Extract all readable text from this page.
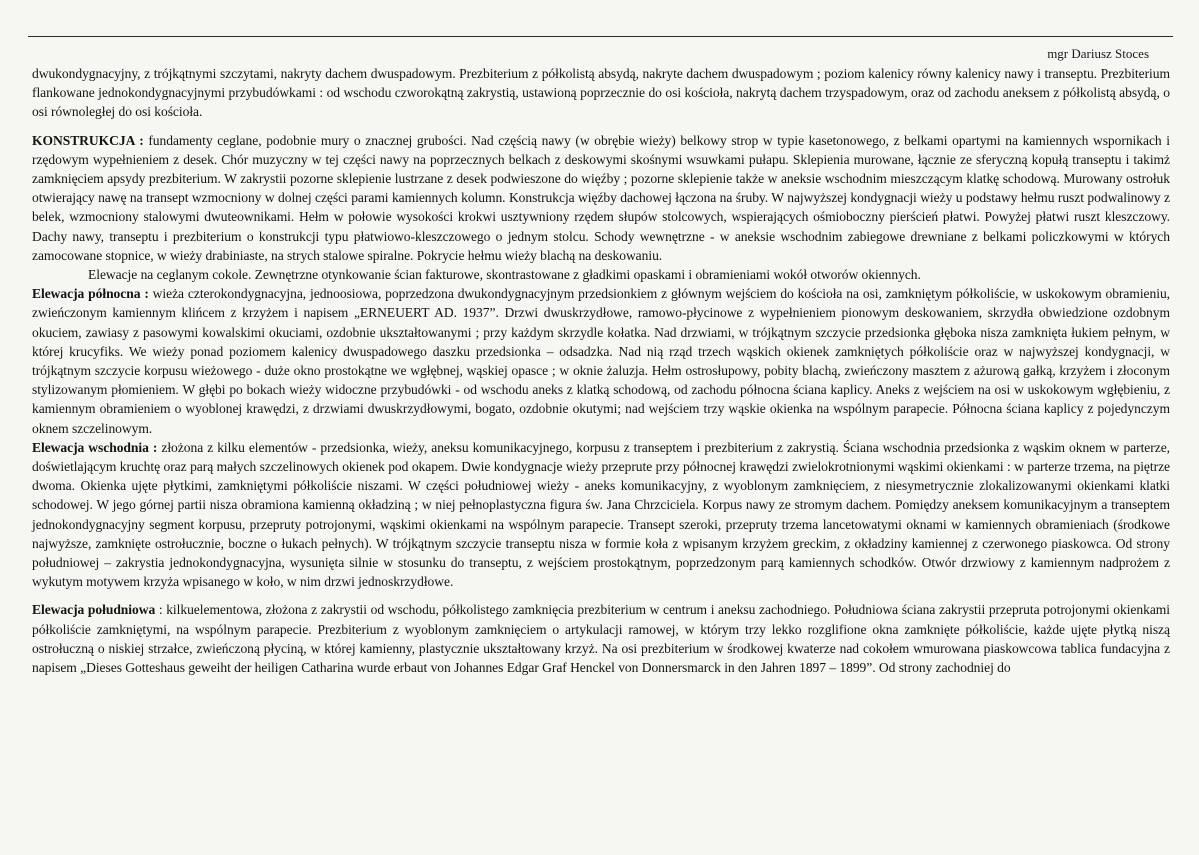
mgr Dariusz Stoces

dwukondygnacyjny, z trójkątnymi szczytami, nakryty dachem dwuspadowym. Prezbiterium z półkolistą absydą, nakryte dachem dwuspadowym ; poziom kalenicy równy kalenicy nawy i transeptu. Prezbiterium flankowane jednokondygnacyjnymi przybudówkami : od wschodu czworokątną zakrystią, ustawioną poprzecznie do osi kościoła, nakrytą dachem trzyspadowym, oraz od zachodu aneksem z półkolistą absydą, o osi równoległej do osi kościoła.

KONSTRUKCJA : fundamenty ceglane, podobnie mury o znacznej grubości. Nad częścią nawy (w obrębie wieży) belkowy strop w typie kasetonowego, z belkami opartymi na kamiennych wspornikach i rzędowym wypełnieniem z desek. Chór muzyczny w tej części nawy na poprzecznych belkach z deskowymi skośnymi wsuwkami pułapu. Sklepienia murowane, łącznie ze sferyczną kopułą transeptu i takimż zamknięciem apsydy prezbiterium. W zakrystii pozorne sklepienie lustrzane z desek podwieszone do więźby ; pozorne sklepienie także w aneksie wschodnim mieszczącym klatkę schodową. Murowany ostrołuk otwierający nawę na transept wzmocniony w dolnej części parami kamiennych kolumn. Konstrukcja więźby dachowej łączona na śruby. W najwyższej kondygnacji wieży u podstawy hełmu ruszt podwalinowy z belek, wzmocniony stalowymi dwuteownikami. Hełm w połowie wysokości krokwi usztywniony rzędem słupów stolcowych, wspierających ośmioboczny pierścień płatwi. Powyżej płatwi ruszt kleszczowy. Dachy nawy, transeptu i prezbiterium o konstrukcji typu płatwiowo-kleszczowego o jednym stolcu. Schody wewnętrzne - w aneksie wschodnim zabiegowe drewniane z belkami policzkowymi w których zamocowane stopnice, w wieży drabiniaste, na strych stalowe spiralne. Pokrycie hełmu wieży blachą na deskowaniu.

Elewacje na ceglanym cokole. Zewnętrzne otynkowanie ścian fakturowe, skontrastowane z gładkimi opaskami i obramieniami wokół otworów okiennych.

Elewacja północna : wieża czterokondygnacyjna, jednoosiowa, poprzedzona dwukondygnacyjnym przedsionkiem z głównym wejściem do kościoła na osi, zamkniętym półkoliście, w uskokowym obramieniu, zwieńczonym kamiennym klińcem z krzyżem i napisem „ERNEUERT AD. 1937”. Drzwi dwuskrzydłowe, ramowo-płycinowe z wypełnieniem pionowym deskowaniem, skrzydła obwiedzione ozdobnym okuciem, zawiasy z pasowymi kowalskimi okuciami, ozdobnie ukształtowanymi ; przy każdym skrzydle kołatka. Nad drzwiami, w trójkątnym szczycie przedsionka głęboka nisza zamknięta łukiem pełnym, w której krucyfiks. We wieży ponad poziomem kalenicy dwuspadowego daszku przedsionka – odsadzka. Nad nią rząd trzech wąskich okienek zamkniętych półkoliście oraz w najwyższej kondygnacji, w trójkątnym szczycie korpusu wieżowego - duże okno prostokątne we wgłębnej, wąskiej opasce ; w oknie żaluzja. Hełm ostrosłupowy, pobity blachą, zwieńczony masztem z ażurową gałką, krzyżem i złoconym stylizowanym płomieniem. W głębi po bokach wieży widoczne przybudówki - od wschodu aneks z klatką schodową, od zachodu północna ściana kaplicy. Aneks z wejściem na osi w uskokowym wgłębieniu, z kamiennym obramieniem o wyoblonej krawędzi, z drzwiami dwuskrzydłowymi, bogato, ozdobnie okutymi; nad wejściem trzy wąskie okienka na wspólnym parapecie. Północna ściana kaplicy z pojedynczym oknem szczelinowym.

Elewacja wschodnia : złożona z kilku elementów - przedsionka, wieży, aneksu komunikacyjnego, korpusu z transeptem i prezbiterium z zakrystią. Ściana wschodnia przedsionka z wąskim oknem w parterze, doświetlającym kruchtę oraz parą małych szczelinowych okienek pod okapem. Dwie kondygnacje wieży przeprute przy północnej krawędzi zwielokrotnionymi wąskimi okienkami : w parterze trzema, na piętrze dwoma. Okienka ujęte płytkimi, zamkniętymi półkoliście niszami. W części południowej wieży - aneks komunikacyjny, z wyoblonym zamknięciem, z niesymetrycznie zlokalizowanymi okienkami klatki schodowej. W jego górnej partii nisza obramiona kamienną okładziną ; w niej pełnoplastyczna figura św. Jana Chrzciciela. Korpus nawy ze stromym dachem. Pomiędzy aneksem komunikacyjnym a transeptem jednokondygnacyjny segment korpusu, przepruty potrojonymi, wąskimi okienkami na wspólnym parapecie. Transept szeroki, przepruty trzema lancetowatymi oknami w kamiennych obramieniach (środkowe najwyższe, zamknięte ostrołucznie, boczne o łukach pełnych). W trójkątnym szczycie transeptu nisza w formie koła z wpisanym krzyżem greckim, z okładziny kamiennej z czerwonego piaskowca. Od strony południowej – zakrystia jednokondygnacyjna, wysunięta silnie w stosunku do transeptu, z wejściem prostokątnym, poprzedzonym parą kamiennych schodków. Otwór drzwiowy z kamiennym nadprożem z wykutym motywem krzyża wpisanego w koło, w nim drzwi jednoskrzydłowe.

Elewacja południowa : kilkuelementowa, złożona z zakrystii od wschodu, półkolistego zamknięcia prezbiterium w centrum i aneksu zachodniego. Południowa ściana zakrystii przepruta potrojonymi okienkami półkoliście zamkniętymi, na wspólnym parapecie. Prezbiterium z wyoblonym zamknięciem o artykulacji ramowej, w którym trzy lekko rozglifione okna zamknięte półkoliście, każde ujęte płytką niszą ostrołuczną o niskiej strzałce, zwieńczoną płyciną, w której kamienny, plastycznie ukształtowany krzyż. Na osi prezbiterium w środkowej kwaterze nad cokołem wmurowana piaskowcowa tablica fundacyjna z napisem „Dieses Gotteshaus geweiht der heiligen Catharina wurde erbaut von Johannes Edgar Graf Henckel von Donnersmarck in den Jahren 1897 – 1899”. Od strony zachodniej do
